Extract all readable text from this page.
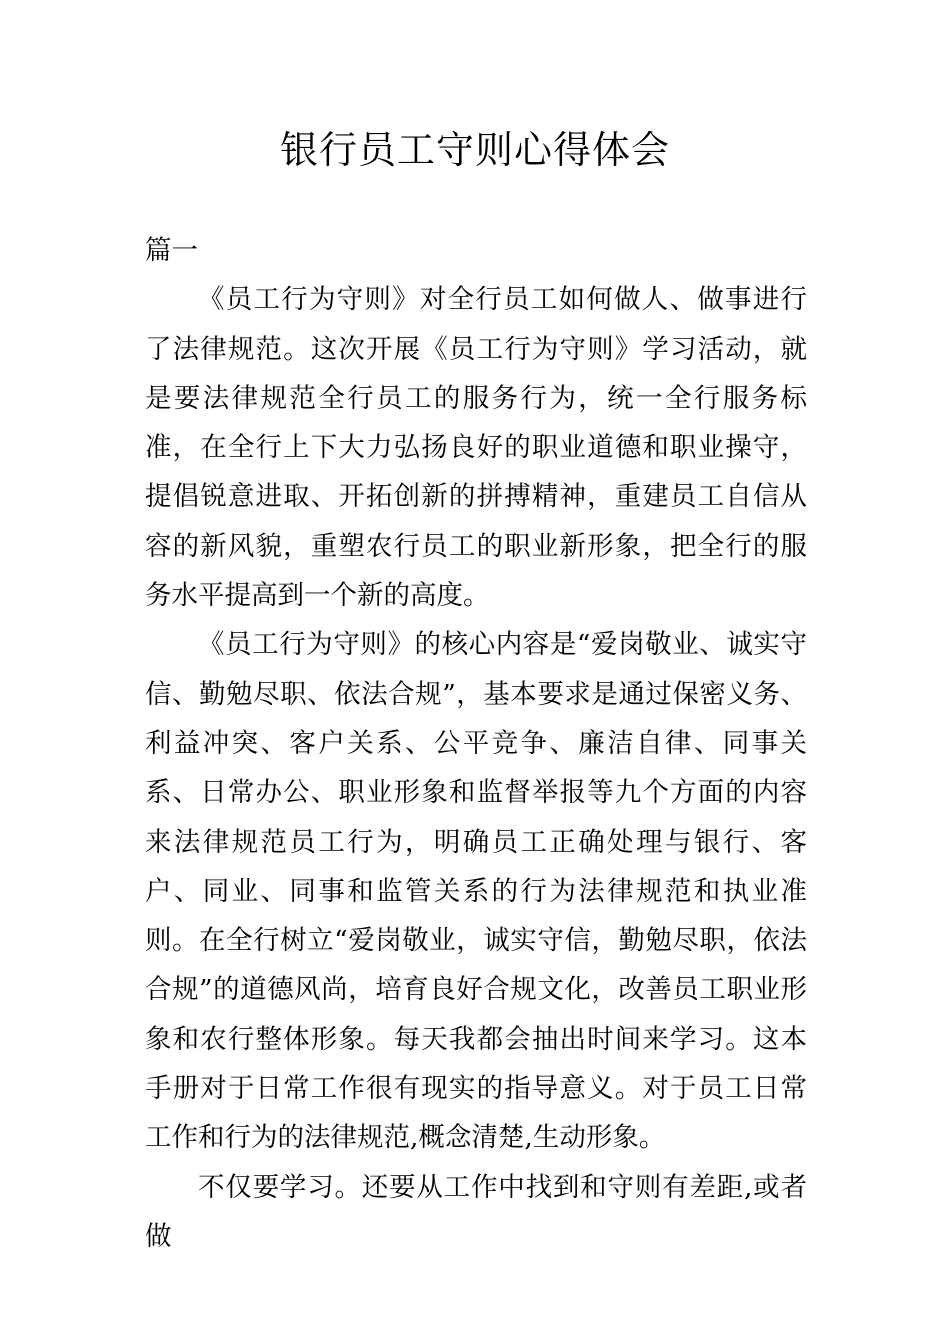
银行员工守则心得体会

篇一

《员工行为守则》对全行员工如何做人、做事进行了法律规范。这次开展《员工行为守则》学习活动，就是要法律规范全行员工的服务行为，统一全行服务标准，在全行上下大力弘扬良好的职业道德和职业操守，提倡锐意进取、开拓创新的拼搏精神，重建员工自信从容的新风貌，重塑农行员工的职业新形象，把全行的服务水平提高到一个新的高度。

《员工行为守则》的核心内容是“爱岗敬业、诚实守信、勤勉尽职、依法合规”，基本要求是通过保密义务、利益冲突、客户关系、公平竞争、廉洁自律、同事关系、日常办公、职业形象和监督举报等九个方面的内容来法律规范员工行为，明确员工正确处理与银行、客户、同业、同事和监管关系的行为法律规范和执业准则。在全行树立“爱岗敬业，诚实守信，勤勉尽职，依法合规”的道德风尚，培育良好合规文化，改善员工职业形象和农行整体形象。每天我都会抽出时间来学习。这本手册对于日常工作很有现实的指导意义。对于员工日常工作和行为的法律规范,概念清楚,生动形象。

不仅要学习。还要从工作中找到和守则有差距,或者做
